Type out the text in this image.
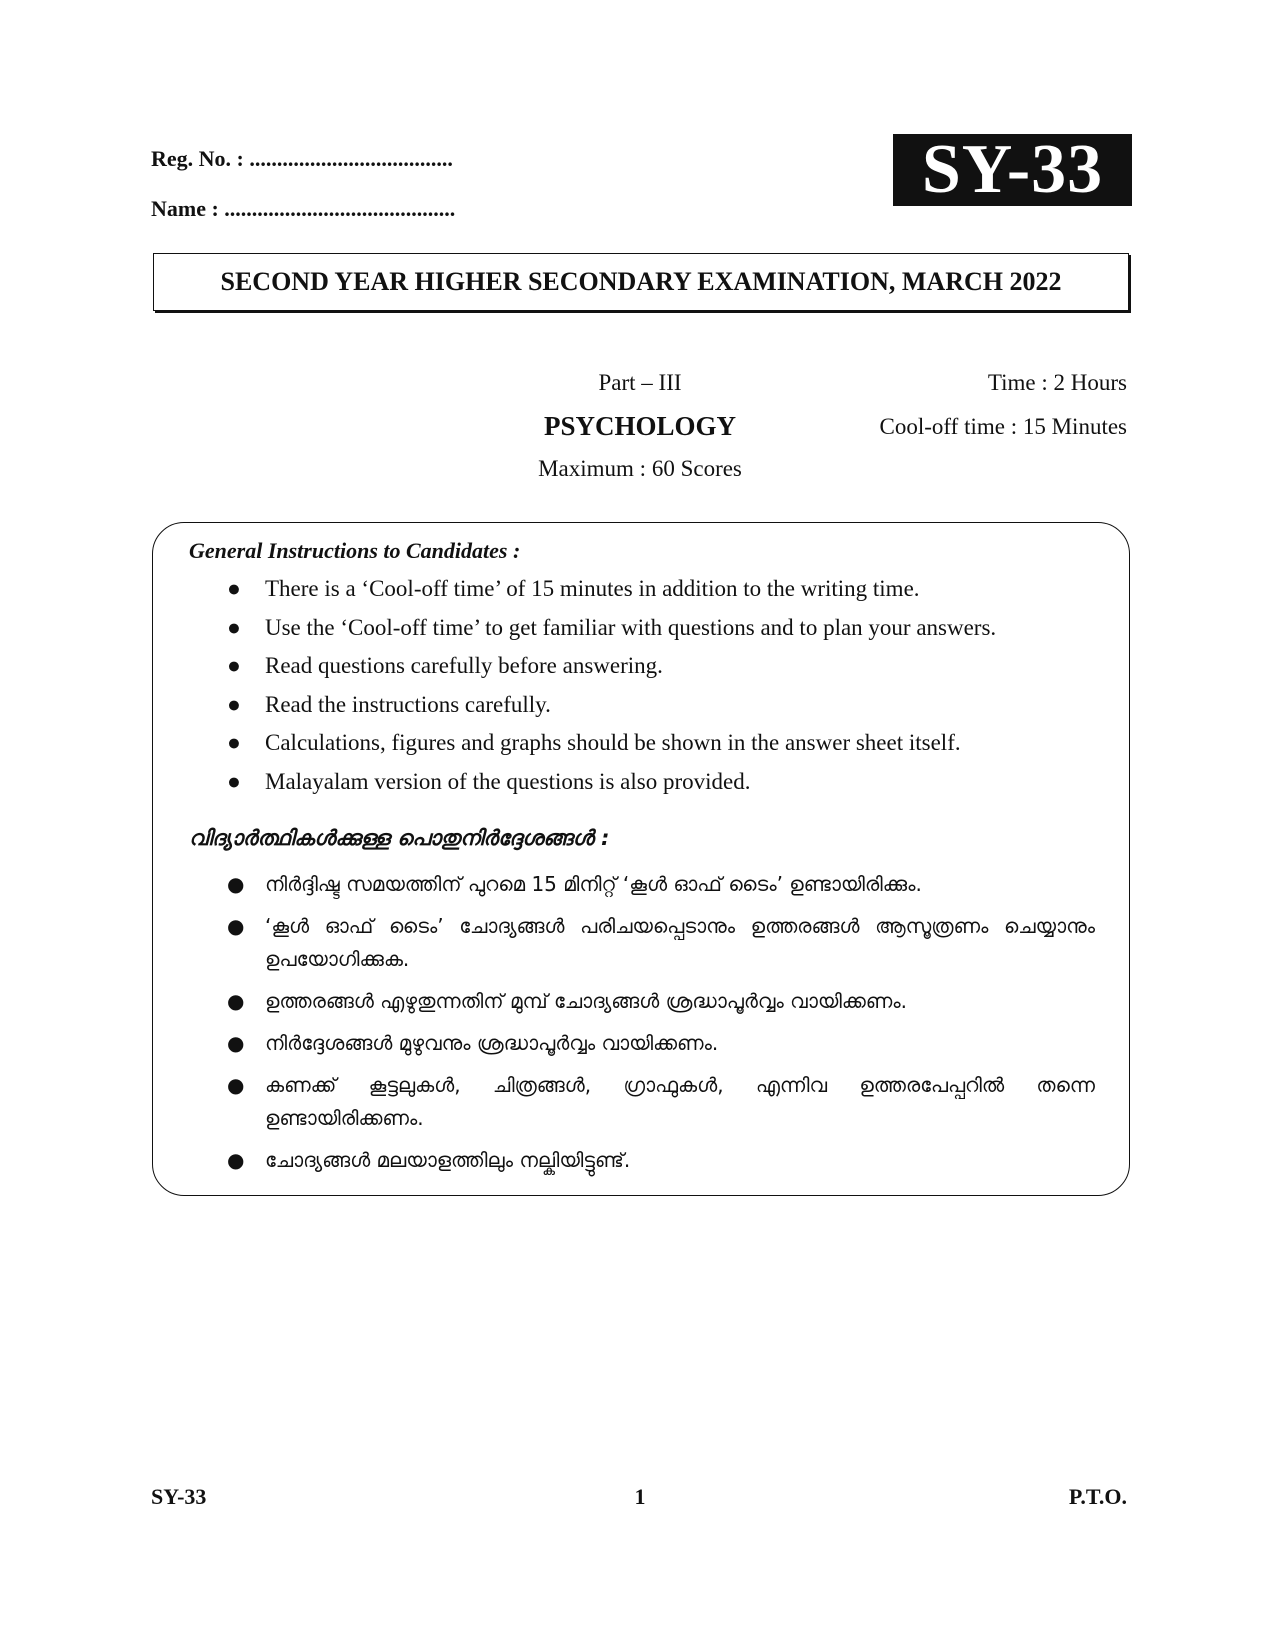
Reg. No. : .....................................
Name : ..........................................
SY-33
SECOND YEAR HIGHER SECONDARY EXAMINATION, MARCH 2022
Part – III
PSYCHOLOGY
Maximum : 60 Scores
Time : 2 Hours
Cool-off time : 15 Minutes
General Instructions to Candidates :
● There is a ‘Cool-off time’ of 15 minutes in addition to the writing time.
● Use the ‘Cool-off time’ to get familiar with questions and to plan your answers.
● Read questions carefully before answering.
● Read the instructions carefully.
● Calculations, figures and graphs should be shown in the answer sheet itself.
● Malayalam version of the questions is also provided.
വിദ്യാർത്ഥികൾക്കുള്ള പൊതുനിർദ്ദേശങ്ങൾ :
● നിർദ്ദിഷ്ട സമയത്തിന് പുറമെ 15 മിനിറ്റ് ‘കൂൾ ഓഫ് ടൈം’ ഉണ്ടായിരിക്കും.
● ‘കൂൾ ഓഫ് ടൈം’ ചോദ്യങ്ങൾ പരിചയപ്പെടാനും ഉത്തരങ്ങൾ ആസൂത്രണം ചെയ്യാനും ഉപയോഗിക്കുക.
● ഉത്തരങ്ങൾ എഴുതുന്നതിന് മുമ്പ് ചോദ്യങ്ങൾ ശ്രദ്ധാപൂർവ്വം വായിക്കണം.
● നിർദ്ദേശങ്ങൾ മുഴുവനും ശ്രദ്ധാപൂർവ്വം വായിക്കണം.
● കണക്ക് കൂട്ടലുകൾ, ചിത്രങ്ങൾ, ഗ്രാഫുകൾ, എന്നിവ ഉത്തരപേപ്പറിൽ തന്നെ ഉണ്ടായിരിക്കണം.
● ചോദ്യങ്ങൾ മലയാളത്തിലും നല്കിയിട്ടുണ്ട്.
SY-33	1	P.T.O.
